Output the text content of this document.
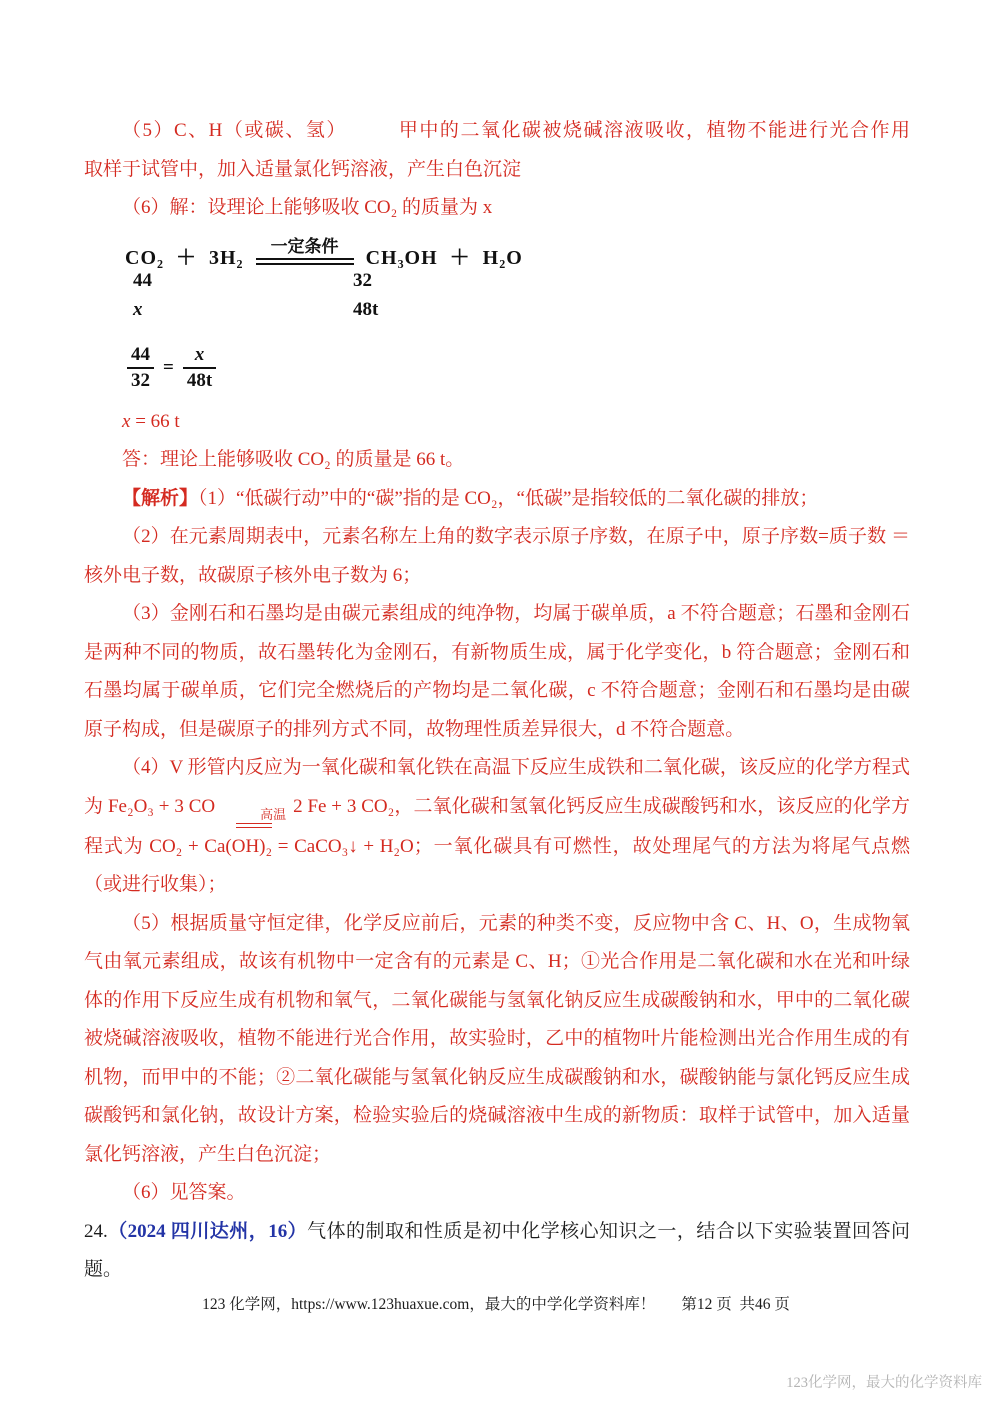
（5）C、H（或碳、氢）　　　甲中的二氧化碳被烧碱溶液吸收，植物不能进行光合作用　　　取样于试管中，加入适量氯化钙溶液，产生白色沉淀

（6）解：设理论上能够吸收 CO₂ 的质量为 x

CO₂  ＋  3H₂ 一定条件 CH₃OH  ＋  H₂O
44	32
x	48t
$\frac{44}{32} = \frac{x}{48t}$

x = 66 t

答：理论上能够吸收 CO₂ 的质量是 66 t。

【解析】（1）“低碳行动”中的“碳”指的是 CO₂，“低碳”是指较低的二氧化碳的排放；

（2）在元素周期表中，元素名称左上角的数字表示原子序数，在原子中，原子序数=质子数 ＝ 核外电子数，故碳原子核外电子数为 6；

（3）金刚石和石墨均是由碳元素组成的纯净物，均属于碳单质，a 不符合题意；石墨和金刚石是两种不同的物质，故石墨转化为金刚石，有新物质生成，属于化学变化，b 符合题意；金刚石和石墨均属于碳单质，它们完全燃烧后的产物均是二氧化碳，c 不符合题意；金刚石和石墨均是由碳原子构成，但是碳原子的排列方式不同，故物理性质差异很大，d 不符合题意。

（4）V 形管内反应为一氧化碳和氧化铁在高温下反应生成铁和二氧化碳，该反应的化学方程式为 Fe₂O₃ + 3 CO	高温 2 Fe + 3 CO₂，二氧化碳和氢氧化钙反应生成碳酸钙和水，该反应的化学方程式为 CO₂ + Ca(OH)₂ = CaCO₃↓ + H₂O；一氧化碳具有可燃性，故处理尾气的方法为将尾气点燃（或进行收集）；

（5）根据质量守恒定律，化学反应前后，元素的种类不变，反应物中含 C、H、O，生成物氧气由氧元素组成，故该有机物中一定含有的元素是 C、H；①光合作用是二氧化碳和水在光和叶绿体的作用下反应生成有机物和氧气，二氧化碳能与氢氧化钠反应生成碳酸钠和水，甲中的二氧化碳被烧碱溶液吸收，植物不能进行光合作用，故实验时，乙中的植物叶片能检测出光合作用生成的有机物，而甲中的不能；②二氧化碳能与氢氧化钠反应生成碳酸钠和水，碳酸钠能与氯化钙反应生成碳酸钙和氯化钠，故设计方案，检验实验后的烧碱溶液中生成的新物质：取样于试管中，加入适量氯化钙溶液，产生白色沉淀；

（6）见答案。

24.（2024 四川达州，16）气体的制取和性质是初中化学核心知识之一，结合以下实验装置回答问题。

123 化学网，https://www.123huaxue.com，最大的中学化学资料库！ 第12 页  共46 页
123化学网，最大的化学资料库
